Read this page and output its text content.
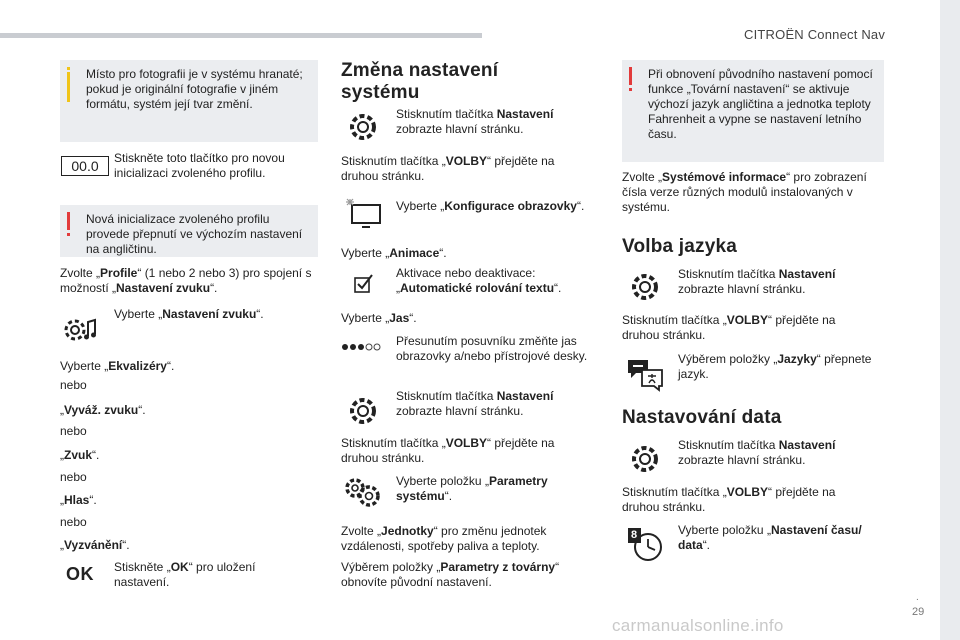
CITROËN Connect Nav
.
29
Místo pro fotografii je v systému hranaté; pokud je originální fotografie v jiném formátu, systém její tvar změní.
00.0	Stiskněte toto tlačítko pro novou inicializaci zvoleného profilu.
Nová inicializace zvoleného profilu provede přepnutí ve výchozím nastavení na angličtinu.
Zvolte „Profile“ (1 nebo 2 nebo 3) pro spojení s možností „Nastavení zvuku“.
Vyberte „Nastavení zvuku“.
Vyberte „Ekvalizéry“.
nebo
„Vyváž. zvuku“.
nebo
„Zvuk“.
nebo
„Hlas“.
nebo
„Vyzvánění“.
OK Stiskněte „OK“ pro uložení nastavení.
Změna nastavení systému
Stisknutím tlačítka Nastavení zobrazte hlavní stránku.
Stisknutím tlačítka „VOLBY“ přejděte na druhou stránku.
Vyberte „Konfigurace obrazovky“.
Vyberte „Animace“.
Aktivace nebo deaktivace: „Automatické rolování textu“.
Vyberte „Jas“.
Přesunutím posuvníku změňte jas obrazovky a/nebo přístrojové desky.
Stisknutím tlačítka Nastavení zobrazte hlavní stránku.
Stisknutím tlačítka „VOLBY“ přejděte na druhou stránku.
Vyberte položku „Parametry systému“.
Zvolte „Jednotky“ pro změnu jednotek vzdálenosti, spotřeby paliva a teploty.
Výběrem položky „Parametry z továrny“ obnovíte původní nastavení.
Při obnovení původního nastavení pomocí funkce „Tovární nastavení“ se aktivuje výchozí jazyk angličtina a jednotka teploty Fahrenheit a vypne se nastavení letního času.
Zvolte „Systémové informace“ pro zobrazení čísla verze různých modulů instalovaných v systému.
Volba jazyka
Stisknutím tlačítka Nastavení zobrazte hlavní stránku.
Stisknutím tlačítka „VOLBY“ přejděte na druhou stránku.
Výběrem položky „Jazyky“ přepnete jazyk.
Nastavování data
Stisknutím tlačítka Nastavení zobrazte hlavní stránku.
Stisknutím tlačítka „VOLBY“ přejděte na druhou stránku.
8	Vyberte položku „Nastavení času/ data“.
carmanualsonline.info
